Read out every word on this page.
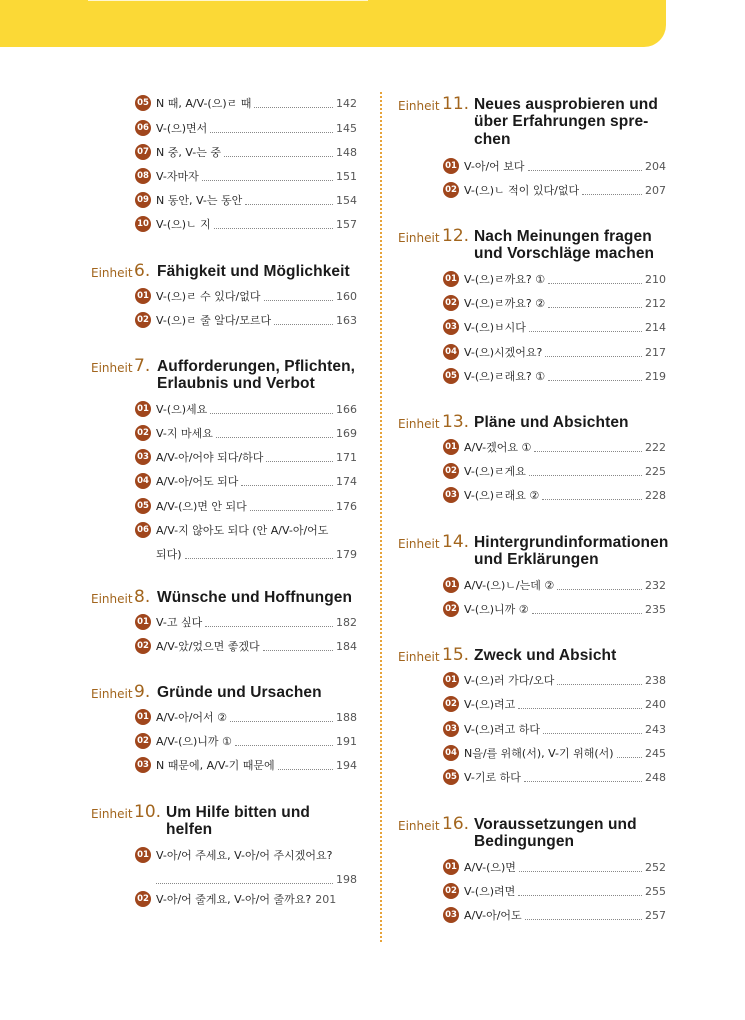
05 N 때, A/V-(으)ㄹ 때	142
06 V-(으)면서	145
07 N 중, V-는 중	148
08 V-자마자	151
09 N 동안, V-는 동안	154
10 V-(으)ㄴ 지	157
Einheit 6. Fähigkeit und Möglichkeit
01 V-(으)ㄹ 수 있다/없다	160
02 V-(으)ㄹ 줄 알다/모르다	163
Einheit 7. Aufforderungen, Pflichten,
Erlaubnis und Verbot
01 V-(으)세요	166
02 V-지 마세요	169
03 A/V-아/어야 되다/하다	171
04 A/V-아/어도 되다	174
05 A/V-(으)면 안 되다	176
06 A/V-지 않아도 되다 (안 A/V-아/어도
되다)	179
Einheit 8. Wünsche und Hoffnungen
01 V-고 싶다	182
02 A/V-았/었으면 좋겠다	184
Einheit 9. Gründe und Ursachen
01 A/V-아/어서 ②	188
02 A/V-(으)니까 ①	191
03 N 때문에, A/V-기 때문에	194
Einheit 10. Um Hilfe bitten und
helfen
01 V-아/어 주세요, V-아/어 주시겠어요?
198
02 V-아/어 줄게요, V-아/어 줄까요? 201
Einheit 11. Neues ausprobieren und
über Erfahrungen spre-
chen
01 V-아/어 보다	204
02 V-(으)ㄴ 적이 있다/없다	207
Einheit 12. Nach Meinungen fragen
und Vorschläge machen
01 V-(으)ㄹ까요? ①	210
02 V-(으)ㄹ까요? ②	212
03 V-(으)ㅂ시다	214
04 V-(으)시겠어요?	217
05 V-(으)ㄹ래요? ①	219
Einheit 13. Pläne und Absichten
01 A/V-겠어요 ①	222
02 V-(으)ㄹ게요	225
03 V-(으)ㄹ래요 ②	228
Einheit 14. Hintergrundinformationen
und Erklärungen
01 A/V-(으)ㄴ/는데 ②	232
02 V-(으)니까 ②	235
Einheit 15. Zweck und Absicht
01 V-(으)러 가다/오다	238
02 V-(으)려고	240
03 V-(으)려고 하다	243
04 N을/를 위해(서), V-기 위해(서)	245
05 V-기로 하다	248
Einheit 16. Voraussetzungen und
Bedingungen
01 A/V-(으)면	252
02 V-(으)려면	255
03 A/V-아/어도	257
